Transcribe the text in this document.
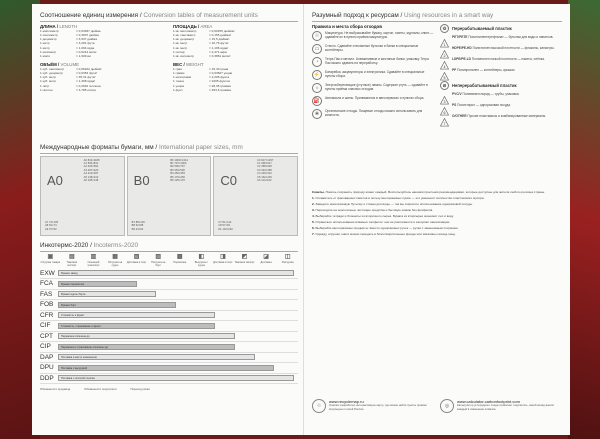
Соотношение единиц измерения / Conversion tables of measurement units
ДЛИНА / LENGTH
1 миллиметр	= 0,03937 дюйма
1 сантиметр	= 0,3937 дюйма
1 дециметр	= 3,937 дюйма
1 метр	= 3,281 фута
1 метр	= 1,094 ярда
1 километр	= 0,6214 мили
1 миля	= 1,609 км
ПЛОЩАДЬ / AREA
1 кв. миллиметр	= 0,00155 дюйма²
1 кв. сантиметр	= 0,155 дюйма²
1 кв. дециметр	= 15,5 дюйма²
1 кв. метр	= 10,76 фута²
1 кв. метр	= 1,196 ярда²
1 гектар	= 2,471 акра
1 кв. километр	= 0,3861 мили²
ОБЪЁМ / VOLUME
1 куб. сантиметр	= 0,06102 дюйма³
1 куб. дециметр	= 0,0353 фута³
1 куб. метр	= 35,31 фута³
1 куб. метр	= 1,308 ярда³
1 литр	= 0,2642 галлона
1 галлон	= 3,785 литра
ВЕС / WEIGHT
1 гран	= 15,43 грана
1 грамм	= 0,03527 унции
1 килограмм	= 2,205 фунта
1 тонна	= 2205 фунтов
1 унция	= 28,35 грамма
1 фунт	= 453,6 грамма
Международные форматы бумаги, мм / International paper sizes, mm
A0
A0 841×1189
A1 594×841
A2 420×594
A3 297×420
A4 210×297
A5 148×210
A6 105×148
A7 74×105
A8 52×74
A9 37×52
B0
B0 1000×1414
B1 707×1000
B2 500×707
B3 353×500
B4 250×353
B5 176×250
B6 125×176
B7 88×125
B8 62×88
B9 44×62
C0
C0 917×1297
C1 648×917
C2 458×648
C3 324×458
C4 229×324
C5 162×229
C6 114×162
C7 81×114
C8 57×81
DL 110×220
Инкотермс-2020 / Incoterms-2020
▣
Отгрузка товара
▤
Таможня экспорт
▥
Основной транспорт
▦
Погрузка на судно
▧
Доставка в порт
▨
Погрузка на борт
▩
Перевозка
◧
Выгрузка с судна
◨
Доставка в порт
◩
Таможня импорт
◪
Доставка
◫
Разгрузка
EXW	Франко завод
FCA	Франко перевозчик
FAS	Франко вдоль борта
FOB	Франко борт
CFR	Стоимость и фрахт
CIF	Стоимость, страхование и фрахт
CPT	Перевозка оплачена до
CIP	Перевозка и страхование оплачены до
DAP	Поставка в месте назначения
DPU	Поставка с выгрузкой
DDP	Поставка с оплатой пошлин
Обязанности продавца	Обязанности покупателя	Переход риска
Разумный подход к ресурсам / Using resources in a smart way
Правила и места сбора отходов
♲	Макулатура. Не выбрасывайте бумагу, картон, газеты, журналы, книги — сдавайте их в пункты приёма макулатуры.
▭	Стекло. Сдавайте стеклянные бутылки и банки в специальные контейнеры.
◔	Тетра Пак и металл. Алюминиевые и жестяные банки, упаковку Тетра Пак можно сдавать на переработку.
⚡	Батарейки, аккумуляторы и электроника. Сдавайте в специальные пункты сбора.
☼	Энергосберегающие (ртутные) лампы. Содержат ртуть — сдавайте в пункты приёма опасных отходов.
⛽	Автомасла и шины. Принимаются в автосервисах и пунктах сбора.
❀	Органические отходы. Пищевые отходы можно использовать для компоста.
♲	Перерабатываемый пластик
1
PET/PETE Полиэтилентерефталат — бутылки для воды и напитков.
2
HDPE/PE-HD Полиэтилен высокой плотности — флаконы, канистры.
4
LDPE/PE-LD Полиэтилен низкой плотности — пакеты, плёнка.
5
PP Полипропилен — контейнеры, крышки.
⊘	Неперерабатываемый пластик
3
PVC/V Поливинилхлорид — трубы, упаковка.
6
PS Полистирол — одноразовая посуда.
7
O/OTHER Прочие пластмассы и комбинированные материалы.

Советы. Помочь сохранить природу может каждый. Воспользуйтесь нашими простыми рекомендациями, которые доступны для жителя любого региона страны.

1. Откажитесь от фасованных пакетов в пользу многоразовых сумок — это уменьшит количество пластикового мусора.

2. Заведите многоразовую бутылку и стакан для воды — так вы сократите использование одноразовой посуды.

3. Переходите на экологичные чистящие средства и бытовую химию без фосфатов.

4. Выбирайте тетради и блокноты из вторичного сырья. Бумага из вторсырья экономит лес и воду.

5. Ограничьте использование влажных салфеток: они не разлагаются и засоряют канализацию.

6. Выбирайте многоразовые предметы: вместо одноразовых ручек — ручки с заменяемым стержнем.

7. Одежду, игрушки, книги можно передать в благотворительные фонды или магазины секонд-хенд.

♲
www.recyclemap.ru
Гринпис разработал интерактивную карту, где можно найти пункты приёма вторсырья по всей России.	◎
www.calculator.carbonfootprint.com
Калькулятор углеродного следа позволяет подсчитать, какой вклад вносит каждый в изменение климата.
